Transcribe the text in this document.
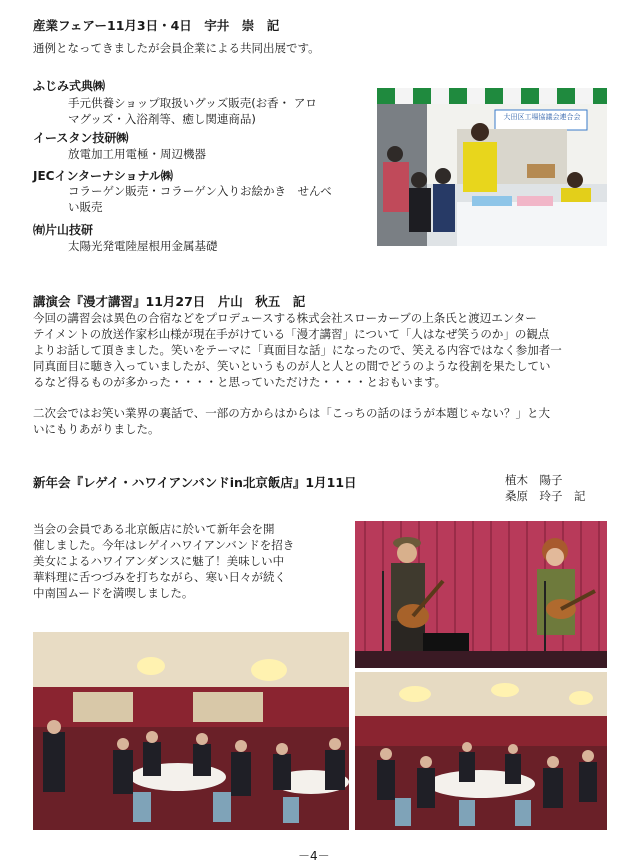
産業フェアー11月3日・4日　宇井　崇　記
通例となってきましたが会員企業による共同出展です。
ふじみ式典㈱
手元供養ショップ取扱いグッズ販売(お香・ アロ
マグッズ・入浴剤等、癒し関連商品)
イースタン技研㈱
放電加工用電極・周辺機器
JECインターナショナル㈱
コラーゲン販売・コラーゲン入りお絵かき　せんべ
い販売
㈲片山技研
太陽光発電陸屋根用金属基礎
大田区工場協議会連合会
講演会『漫才講習』11月27日　片山　秋五　記
今回の講習会は異色の合宿などをプロデュースする株式会社スローカーブの上条氏と渡辺エンター
テイメントの放送作家杉山様が現在手がけている「漫才講習」について「人はなぜ笑うのか」の観点
よりお話して頂きました。笑いをテーマに「真面目な話」になったので、笑える内容ではなく参加者一
同真面目に聴き入っていましたが、笑いというものが人と人との間でどうのような役割を果たしてい
るなど得るものが多かった・・・・と思っていただけた・・・・とおもいます。
二次会ではお笑い業界の裏話で、一部の方からはからは「こっちの話のほうが本題じゃない？」と大
いにもりあがりました。
新年会『レゲイ・ハワイアンバンドin北京飯店』1月11日	植木　陽子
桑原　玲子　記
当会の会員である北京飯店に於いて新年会を開
催しました。今年はレゲイハワイアンバンドを招き
美女によるハワイアンダンスに魅了！美味しい中
華料理に舌つづみを打ちながら、寒い日々が続く
中南国ムードを満喫しました。
－4－
